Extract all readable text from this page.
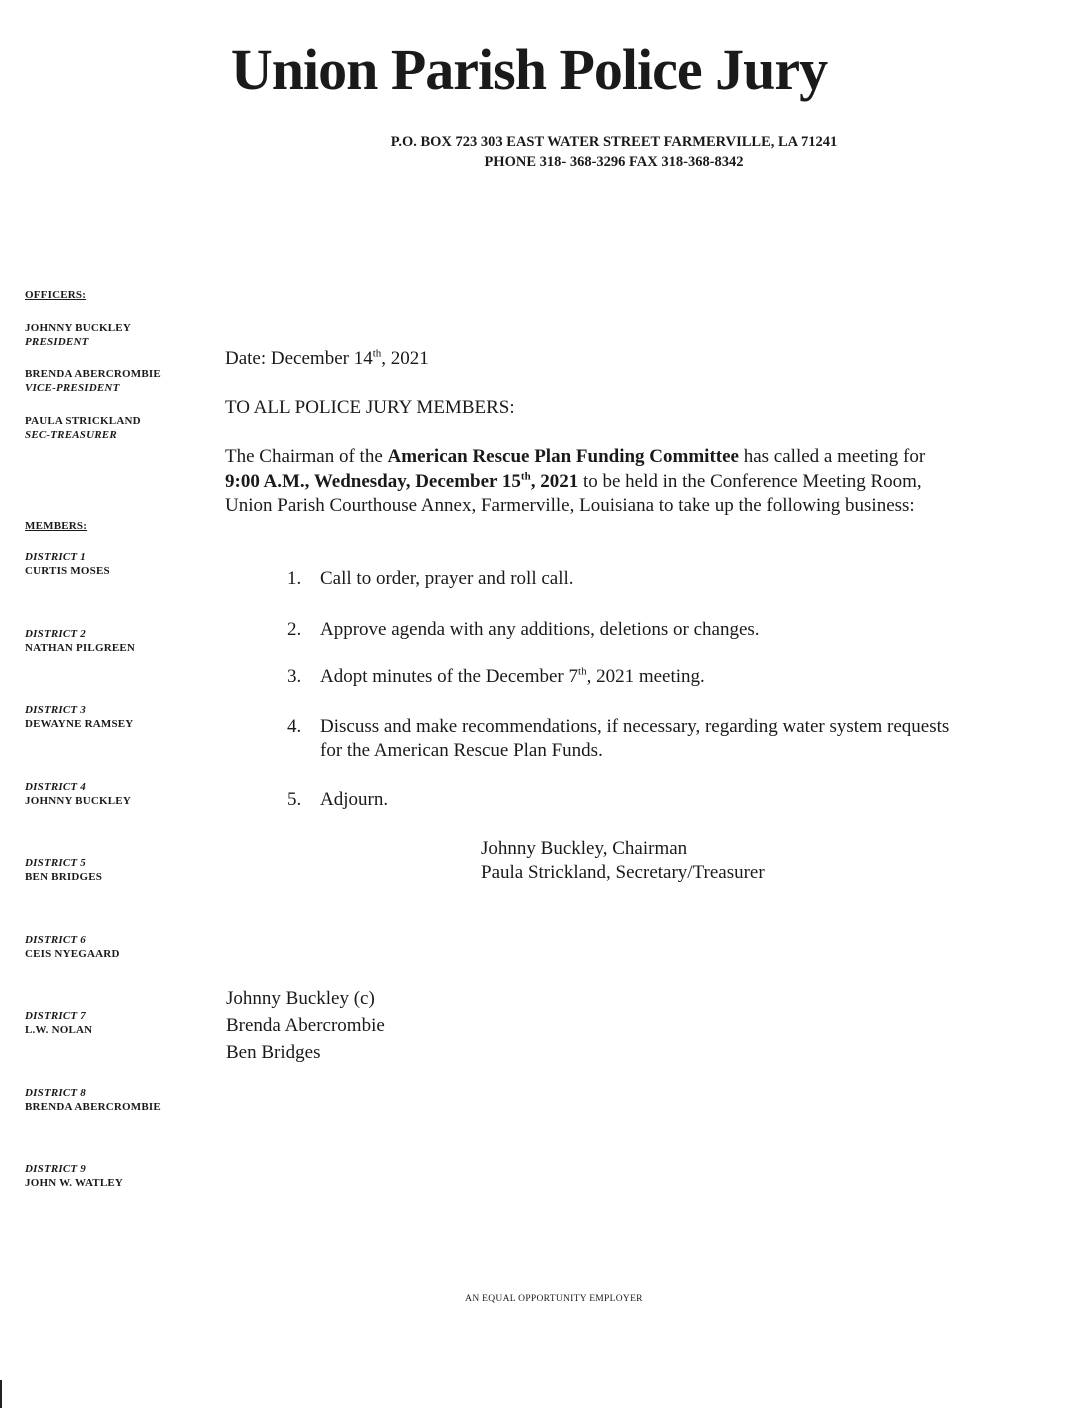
Union Parish Police Jury
P.O. BOX 723 303 EAST WATER STREET FARMERVILLE, LA 71241
PHONE 318- 368-3296 FAX 318-368-8342
OFFICERS:
JOHNNY BUCKLEY
PRESIDENT
BRENDA ABERCROMBIE
VICE-PRESIDENT
PAULA STRICKLAND
SEC-TREASURER
MEMBERS:
DISTRICT 1
CURTIS MOSES
DISTRICT 2
NATHAN PILGREEN
DISTRICT 3
DEWAYNE RAMSEY
DISTRICT 4
JOHNNY BUCKLEY
DISTRICT 5
BEN BRIDGES
DISTRICT 6
CEIS NYEGAARD
DISTRICT 7
L.W. NOLAN
DISTRICT 8
BRENDA ABERCROMBIE
DISTRICT 9
JOHN W. WATLEY
Date: December 14th, 2021
TO ALL POLICE JURY MEMBERS:
The Chairman of the American Rescue Plan Funding Committee has called a meeting for 9:00 A.M., Wednesday, December 15th, 2021 to be held in the Conference Meeting Room, Union Parish Courthouse Annex, Farmerville, Louisiana to take up the following business:
1. Call to order, prayer and roll call.
2. Approve agenda with any additions, deletions or changes.
3. Adopt minutes of the December 7th, 2021 meeting.
4. Discuss and make recommendations, if necessary, regarding water system requests for the American Rescue Plan Funds.
5. Adjourn.
Johnny Buckley, Chairman
Paula Strickland, Secretary/Treasurer
Johnny Buckley (c)
Brenda Abercrombie
Ben Bridges
AN EQUAL OPPORTUNITY EMPLOYER
